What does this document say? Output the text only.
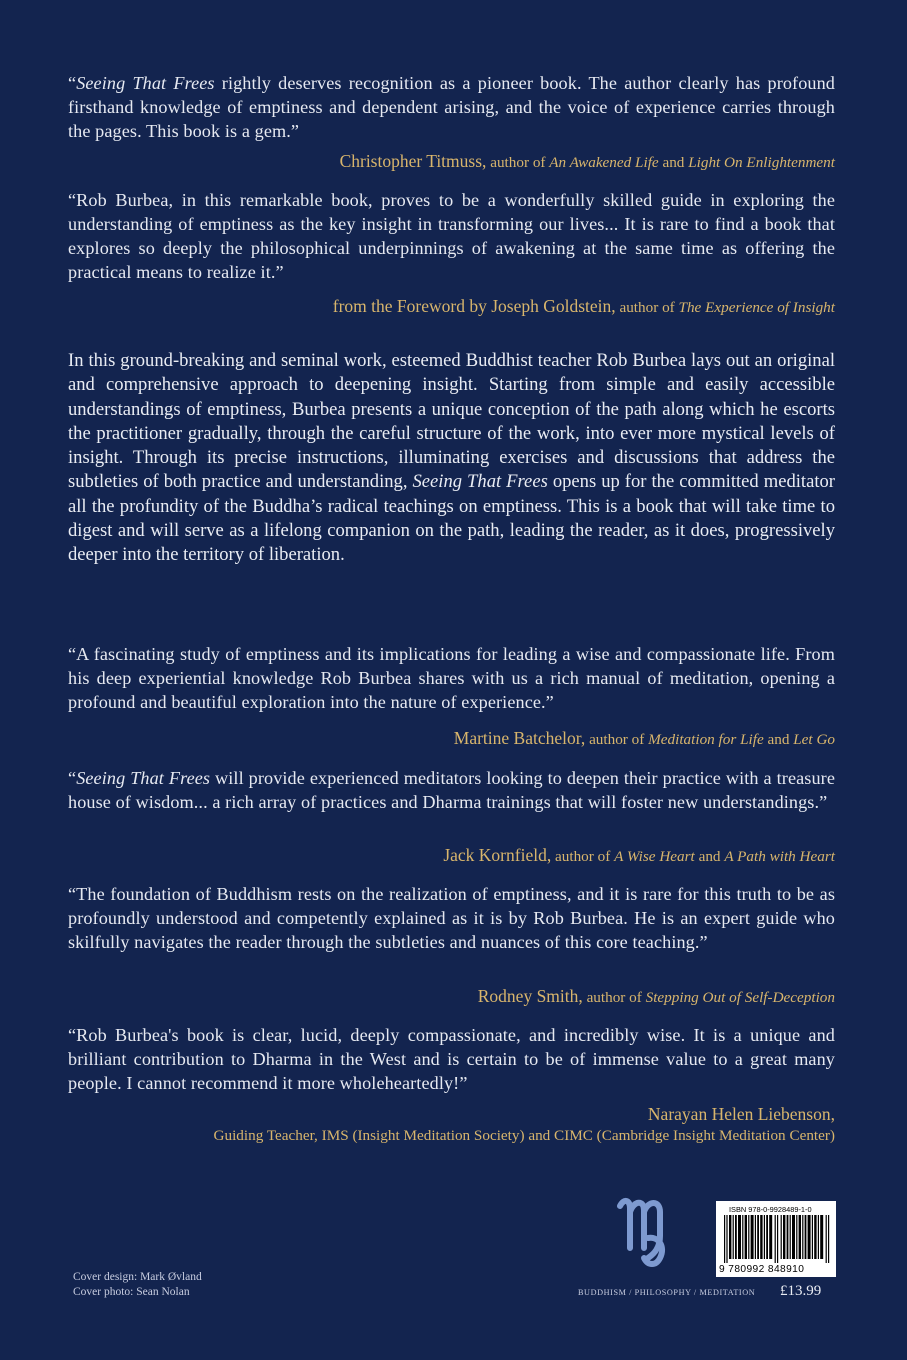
“Seeing That Frees rightly deserves recognition as a pioneer book. The author clearly has profound firsthand knowledge of emptiness and dependent arising, and the voice of experience carries through the pages. This book is a gem.”

Christopher Titmuss, author of An Awakened Life and Light On Enlightenment

“Rob Burbea, in this remarkable book, proves to be a wonderfully skilled guide in exploring the understanding of emptiness as the key insight in transforming our lives... It is rare to find a book that explores so deeply the philosophical underpinnings of awakening at the same time as offering the practical means to realize it.”

from the Foreword by Joseph Goldstein, author of The Experience of Insight
In this ground-breaking and seminal work, esteemed Buddhist teacher Rob Burbea lays out an original and comprehensive approach to deepening insight. Starting from simple and easily accessible understandings of emptiness, Burbea presents a unique conception of the path along which he escorts the practitioner gradually, through the careful structure of the work, into ever more mystical levels of insight. Through its precise instructions, illuminating exercises and discussions that address the subtleties of both practice and understanding, Seeing That Frees opens up for the committed meditator all the profundity of the Buddha’s radical teachings on emptiness. This is a book that will take time to digest and will serve as a lifelong companion on the path, leading the reader, as it does, progressively deeper into the territory of liberation.

“A fascinating study of emptiness and its implications for leading a wise and compassionate life. From his deep experiential knowledge Rob Burbea shares with us a rich manual of meditation, opening a profound and beautiful exploration into the nature of experience.”

Martine Batchelor, author of Meditation for Life and Let Go

“Seeing That Frees will provide experienced meditators looking to deepen their practice with a treasure house of wisdom... a rich array of practices and Dharma trainings that will foster new understandings.”

Jack Kornfield, author of A Wise Heart and A Path with Heart

“The foundation of Buddhism rests on the realization of emptiness, and it is rare for this truth to be as profoundly understood and competently explained as it is by Rob Burbea. He is an expert guide who skilfully navigates the reader through the subtleties and nuances of this core teaching.”

Rodney Smith, author of Stepping Out of Self-Deception

“Rob Burbea's book is clear, lucid, deeply compassionate, and incredibly wise. It is a unique and brilliant contribution to Dharma in the West and is certain to be of immense value to a great many people. I cannot recommend it more wholeheartedly!”

Narayan Helen Liebenson,
Guiding Teacher, IMS (Insight Meditation Society) and CIMC (Cambridge Insight Meditation Center)
ISBN 978-0-9928489-1-0
9 780992 848910
Cover design: Mark Øvland
Cover photo: Sean Nolan	BUDDHISM / PHILOSOPHY / MEDITATION £13.99
